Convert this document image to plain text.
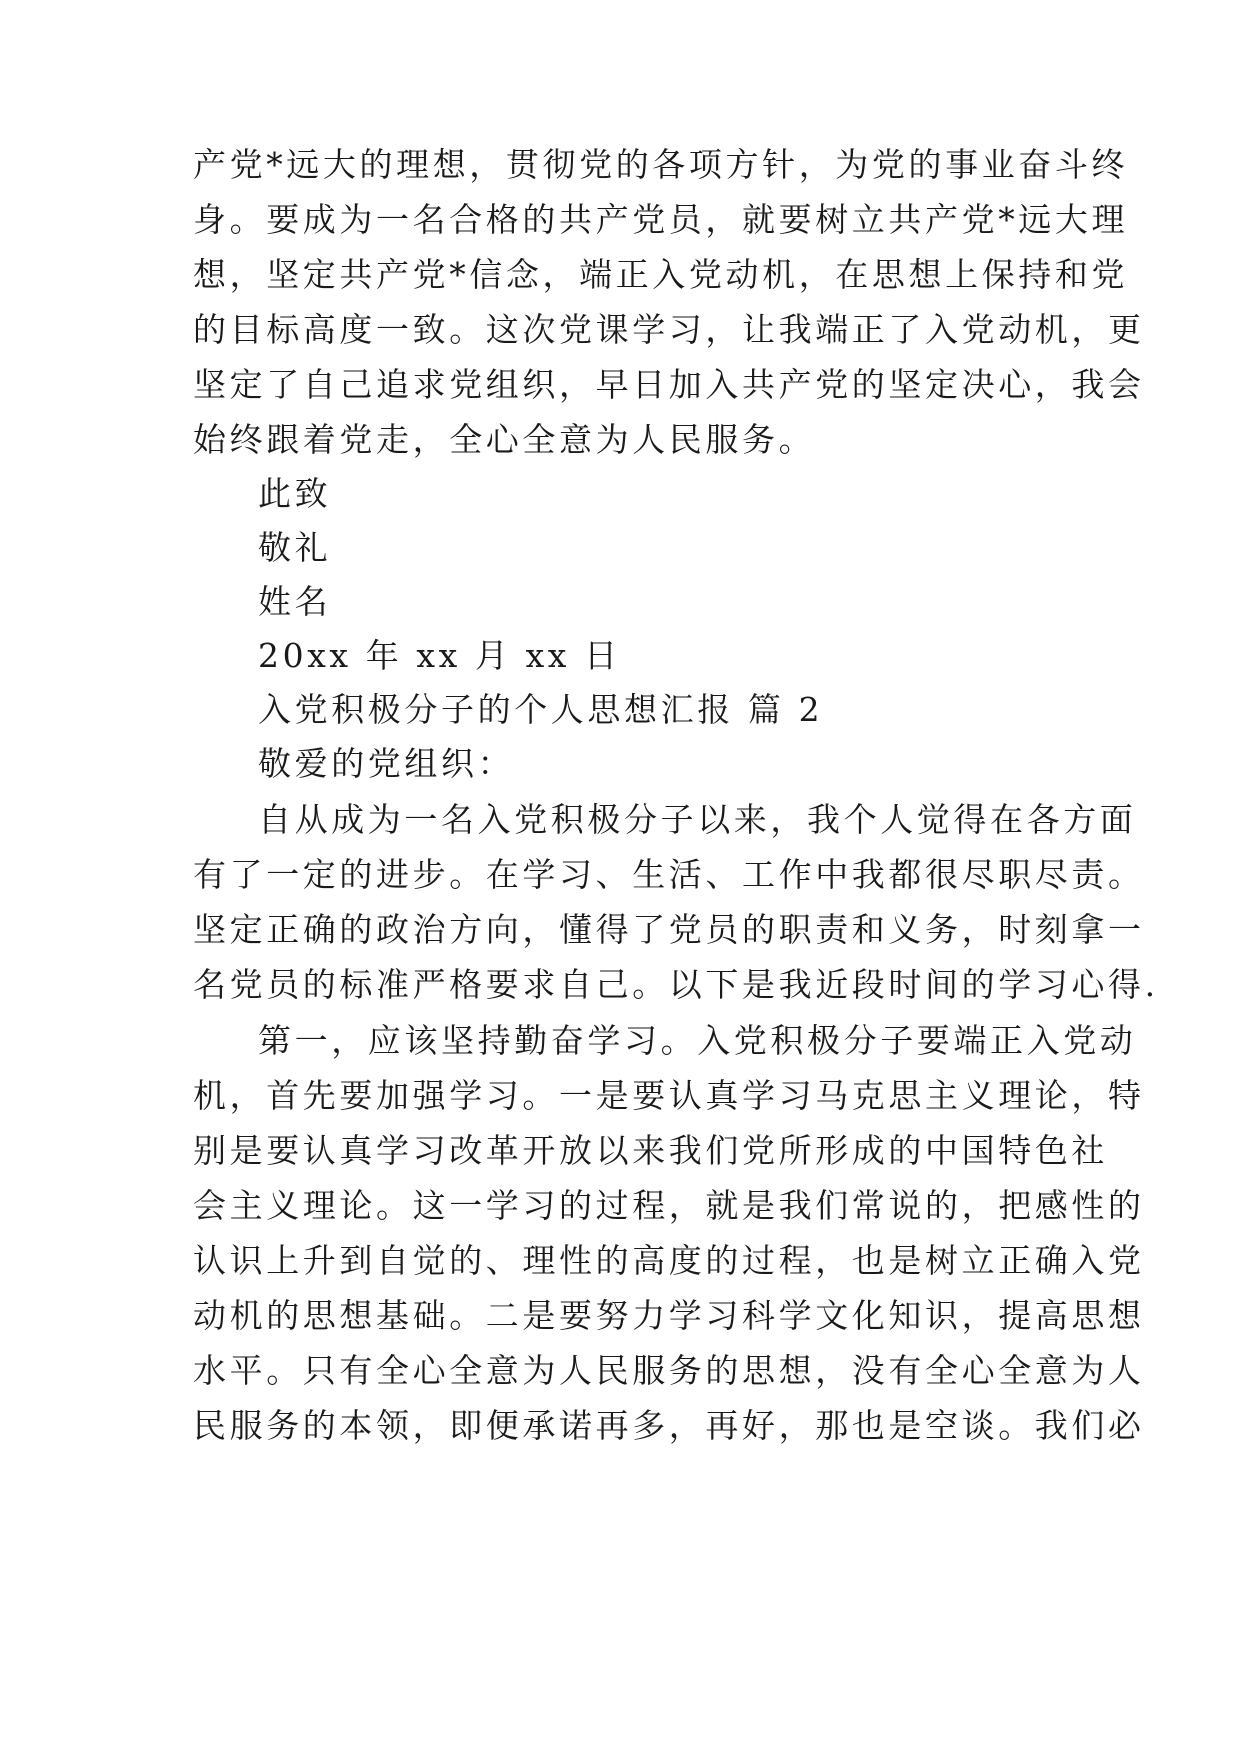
产党*远大的理想，贯彻党的各项方针，为党的事业奋斗终
身。要成为一名合格的共产党员，就要树立共产党*远大理
想，坚定共产党*信念，端正入党动机，在思想上保持和党
的目标高度一致。这次党课学习，让我端正了入党动机，更
坚定了自己追求党组织，早日加入共产党的坚定决心，我会
始终跟着党走，全心全意为人民服务。
此致
敬礼
姓名
20xx 年 xx 月 xx 日
入党积极分子的个人思想汇报 篇 2
敬爱的党组织：
自从成为一名入党积极分子以来，我个人觉得在各方面
有了一定的进步。在学习、生活、工作中我都很尽职尽责。
坚定正确的政治方向，懂得了党员的职责和义务，时刻拿一
名党员的标准严格要求自己。以下是我近段时间的学习心得.
第一，应该坚持勤奋学习。入党积极分子要端正入党动
机，首先要加强学习。一是要认真学习马克思主义理论，特
别是要认真学习改革开放以来我们党所形成的中国特色社
会主义理论。这一学习的过程，就是我们常说的，把感性的
认识上升到自觉的、理性的高度的过程，也是树立正确入党
动机的思想基础。二是要努力学习科学文化知识，提高思想
水平。只有全心全意为人民服务的思想，没有全心全意为人
民服务的本领，即便承诺再多，再好，那也是空谈。我们必
